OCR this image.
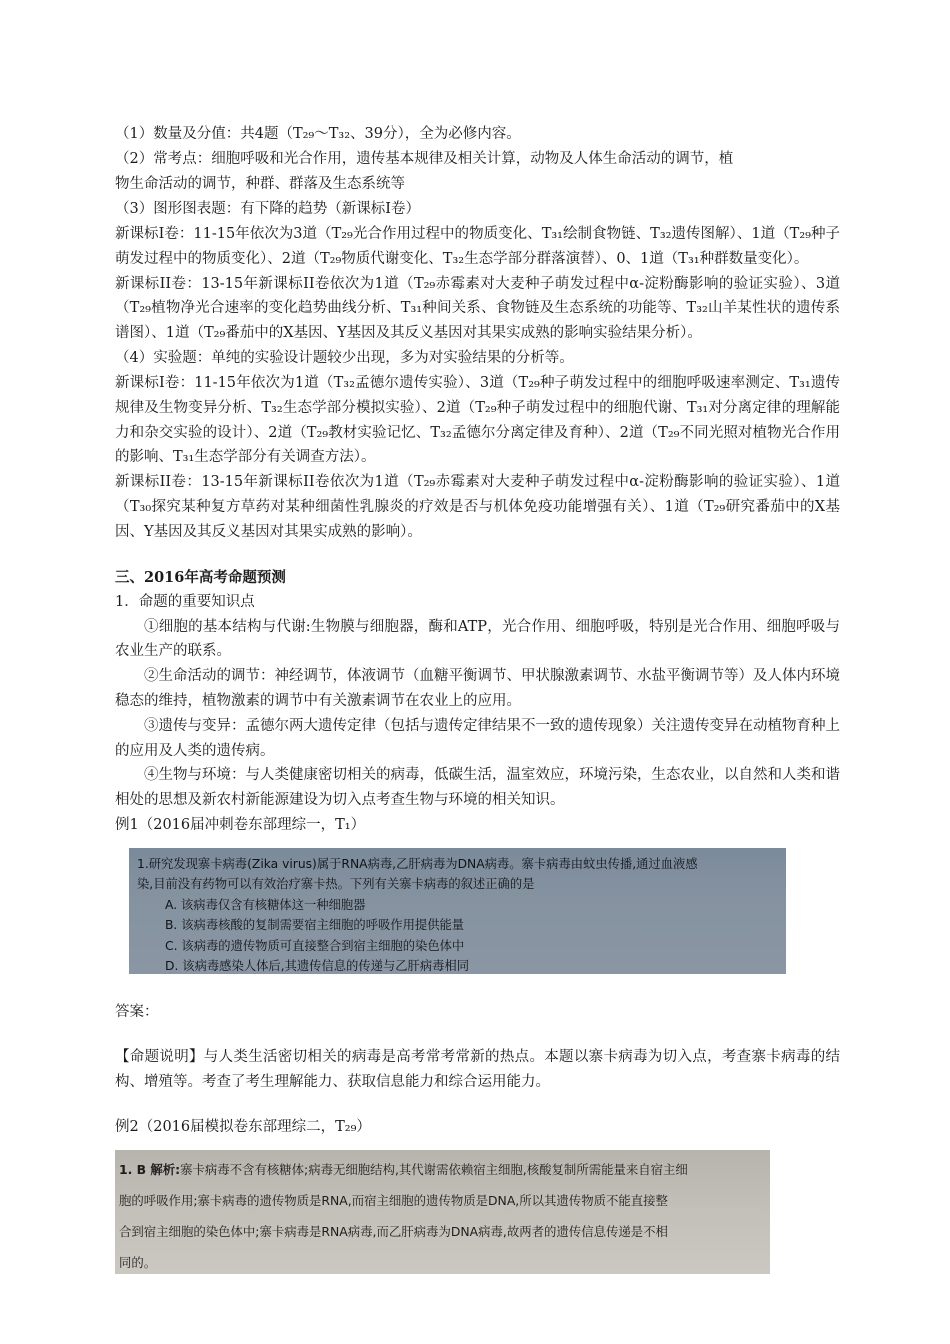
（1）数量及分值：共4题（T₂₉～T₃₂、39分），全为必修内容。
（2）常考点：细胞呼吸和光合作用，遗传基本规律及相关计算，动物及人体生命活动的调节，植
物生命活动的调节，种群、群落及生态系统等
（3）图形图表题：有下降的趋势（新课标Ⅰ卷）

新课标Ⅰ卷：11-15年依次为3道（T₂₉光合作用过程中的物质变化、T₃₁绘制食物链、T₃₂遗传图解）、1道（T₂₉种子萌发过程中的物质变化）、2道（T₂₉物质代谢变化、T₃₂生态学部分群落演替）、0、1道（T₃₁种群数量变化）。

新课标II卷：13-15年新课标II卷依次为1道（T₂₉赤霉素对大麦种子萌发过程中α-淀粉酶影响的验证实验）、3道（T₂₉植物净光合速率的变化趋势曲线分析、T₃₁种间关系、食物链及生态系统的功能等、T₃₂山羊某性状的遗传系谱图）、1道（T₂₉番茄中的X基因、Y基因及其反义基因对其果实成熟的影响实验结果分析）。

（4）实验题：单纯的实验设计题较少出现，多为对实验结果的分析等。

新课标Ⅰ卷：11-15年依次为1道（T₃₂孟德尔遗传实验）、3道（T₂₉种子萌发过程中的细胞呼吸速率测定、T₃₁遗传规律及生物变异分析、T₃₂生态学部分模拟实验）、2道（T₂₉种子萌发过程中的细胞代谢、T₃₁对分离定律的理解能力和杂交实验的设计）、2道（T₂₉教材实验记忆、T₃₂孟德尔分离定律及育种）、2道（T₂₉不同光照对植物光合作用的影响、T₃₁生态学部分有关调查方法）。

新课标II卷：13-15年新课标II卷依次为1道（T₂₉赤霉素对大麦种子萌发过程中α-淀粉酶影响的验证实验）、1道（T₃₀探究某种复方草药对某种细菌性乳腺炎的疗效是否与机体免疫功能增强有关）、1道（T₂₉研究番茄中的X基因、Y基因及其反义基因对其果实成熟的影响）。

三、2016年高考命题预测
1．命题的重要知识点

①细胞的基本结构与代谢:生物膜与细胞器，酶和ATP，光合作用、细胞呼吸，特别是光合作用、细胞呼吸与农业生产的联系。

②生命活动的调节：神经调节，体液调节（血糖平衡调节、甲状腺激素调节、水盐平衡调节等）及人体内环境稳态的维持，植物激素的调节中有关激素调节在农业上的应用。

③遗传与变异：孟德尔两大遗传定律（包括与遗传定律结果不一致的遗传现象）关注遗传变异在动植物育种上的应用及人类的遗传病。

④生物与环境：与人类健康密切相关的病毒，低碳生活，温室效应，环境污染，生态农业，以自然和人类和谐相处的思想及新农村新能源建设为切入点考查生物与环境的相关知识。

例1（2016届冲刺卷东部理综一，T₁）
1.研究发现寨卡病毒(Zika virus)属于RNA病毒,乙肝病毒为DNA病毒。寨卡病毒由蚊虫传播,通过血液感
染,目前没有药物可以有效治疗寨卡热。下列有关寨卡病毒的叙述正确的是
A. 该病毒仅含有核糖体这一种细胞器
B. 该病毒核酸的复制需要宿主细胞的呼吸作用提供能量
C. 该病毒的遗传物质可直接整合到宿主细胞的染色体中
D. 该病毒感染人体后,其遗传信息的传递与乙肝病毒相同
答案：

【命题说明】与人类生活密切相关的病毒是高考常考常新的热点。本题以寨卡病毒为切入点，考查寨卡病毒的结构、增殖等。考查了考生理解能力、获取信息能力和综合运用能力。

例2（2016届模拟卷东部理综二，T₂₉）
1. B 解析:寨卡病毒不含有核糖体;病毒无细胞结构,其代谢需依赖宿主细胞,核酸复制所需能量来自宿主细
胞的呼吸作用;寨卡病毒的遗传物质是RNA,而宿主细胞的遗传物质是DNA,所以其遗传物质不能直接整
合到宿主细胞的染色体中;寨卡病毒是RNA病毒,而乙肝病毒为DNA病毒,故两者的遗传信息传递是不相
同的。
